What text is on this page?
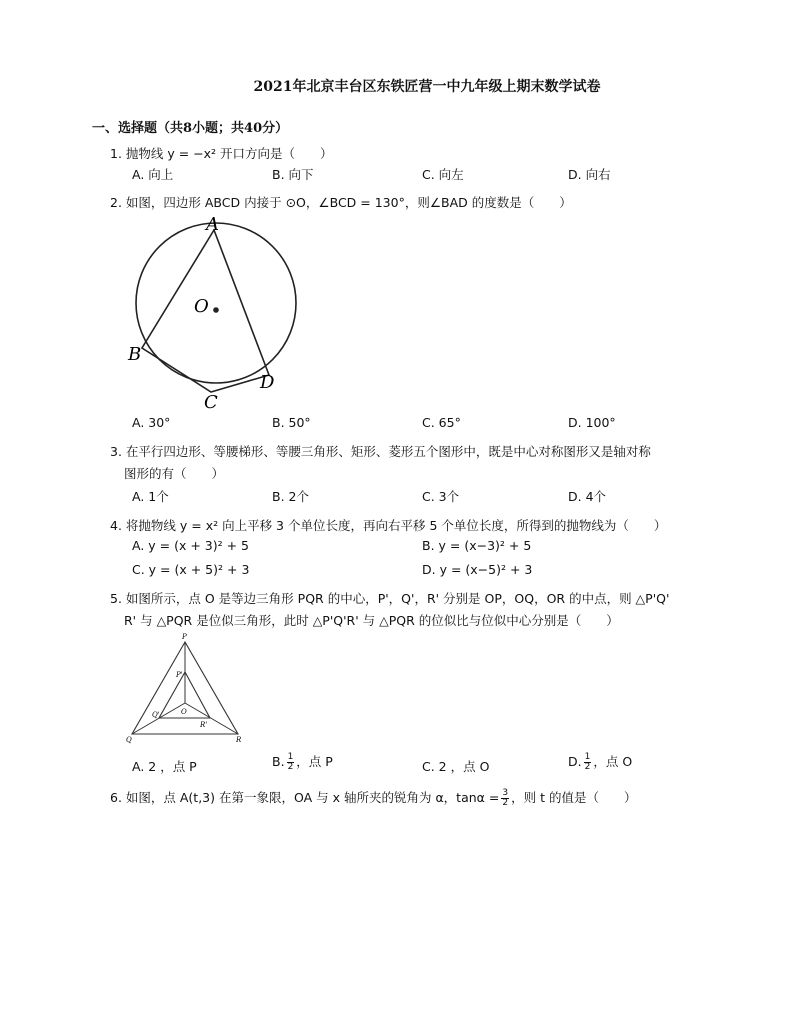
2021年北京丰台区东铁匠营一中九年级上期末数学试卷
一、选择题（共8小题；共40分）
1. 抛物线 y = −x² 开口方向是（　　）
A. 向上	B. 向下	C. 向左	D. 向右
2. 如图，四边形 ABCD 内接于 ⊙O，∠BCD = 130°，则∠BAD 的度数是（　　）
A
B
C
D
O
A. 30°	B. 50°	C. 65°	D. 100°
3. 在平行四边形、等腰梯形、等腰三角形、矩形、菱形五个图形中，既是中心对称图形又是轴对称
图形的有（　　）
A. 1个	B. 2个	C. 3个	D. 4个
4. 将抛物线 y = x² 向上平移 3 个单位长度，再向右平移 5 个单位长度，所得到的抛物线为（　　）
A. y = (x + 3)² + 5	B. y = (x−3)² + 5
C. y = (x + 5)² + 3	D. y = (x−5)² + 3
5. 如图所示，点 O 是等边三角形 PQR 的中心，P'，Q'，R' 分别是 OP，OQ，OR 的中点，则 △P'Q'
R' 与 △PQR 是位似三角形，此时 △P'Q'R' 与 △PQR 的位似比与位似中心分别是（　　）
P
P'
O
Q'
R'
Q	R
A. 2 ，点 P	B. $\frac{1}{2}$ ，点 P	C. 2 ，点 O	D. $\frac{1}{2}$ ，点 O
6. 如图，点 A(t,3) 在第一象限，OA 与 x 轴所夹的锐角为 α，$\tan\alpha = \frac{3}{2}$ ，则 t 的值是（　　）
